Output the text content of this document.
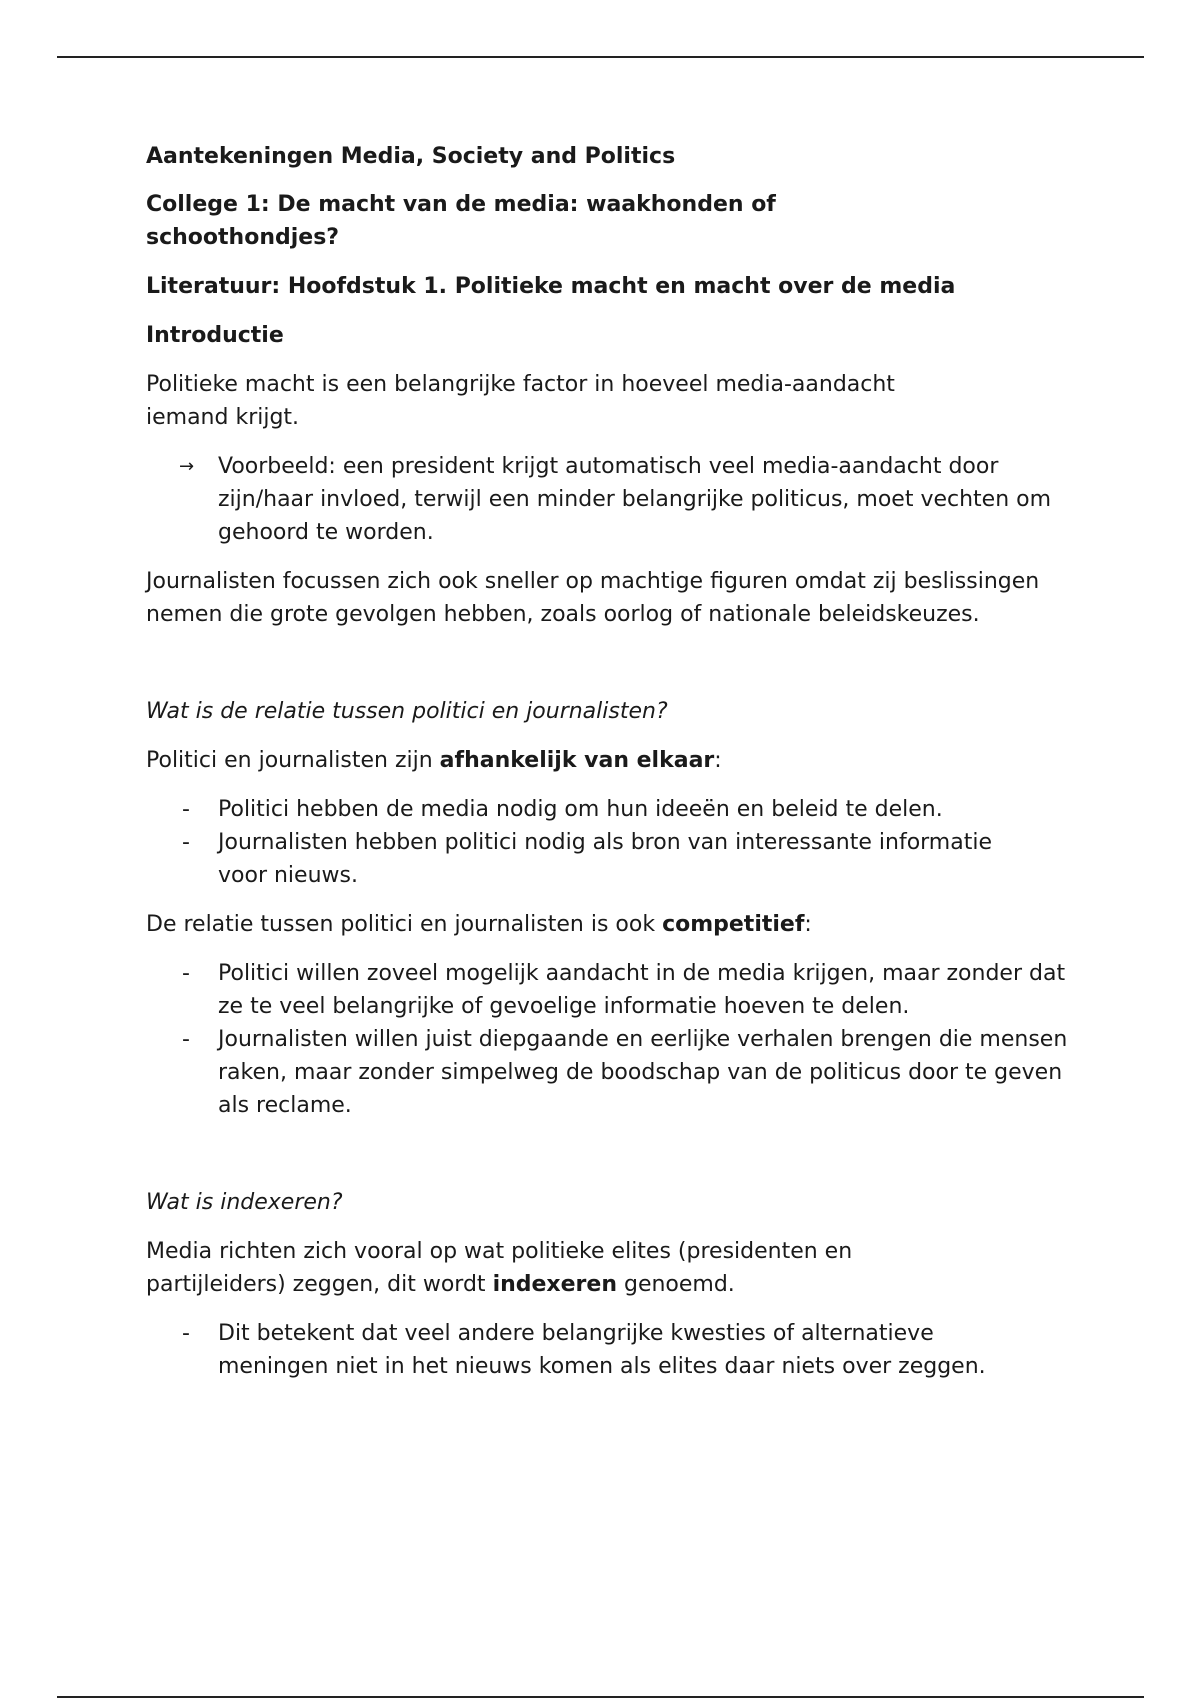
Aantekeningen Media, Society and Politics
College 1: De macht van de media: waakhonden of schoothondjes?
Literatuur: Hoofdstuk 1. Politieke macht en macht over de media
Introductie
Politieke macht is een belangrijke factor in hoeveel media-aandacht iemand krijgt.
→	Voorbeeld: een president krijgt automatisch veel media-aandacht door zijn/haar invloed, terwijl een minder belangrijke politicus, moet vechten om gehoord te worden.
Journalisten focussen zich ook sneller op machtige figuren omdat zij beslissingen nemen die grote gevolgen hebben, zoals oorlog of nationale beleidskeuzes.
Wat is de relatie tussen politici en journalisten?
Politici en journalisten zijn afhankelijk van elkaar:
-	Politici hebben de media nodig om hun ideeën en beleid te delen.
-	Journalisten hebben politici nodig als bron van interessante informatie voor nieuws.
De relatie tussen politici en journalisten is ook competitief:
-	Politici willen zoveel mogelijk aandacht in de media krijgen, maar zonder dat ze te veel belangrijke of gevoelige informatie hoeven te delen.
-	Journalisten willen juist diepgaande en eerlijke verhalen brengen die mensen raken, maar zonder simpelweg de boodschap van de politicus door te geven als reclame.
Wat is indexeren?
Media richten zich vooral op wat politieke elites (presidenten en partijleiders) zeggen, dit wordt indexeren genoemd.
-	Dit betekent dat veel andere belangrijke kwesties of alternatieve meningen niet in het nieuws komen als elites daar niets over zeggen.
